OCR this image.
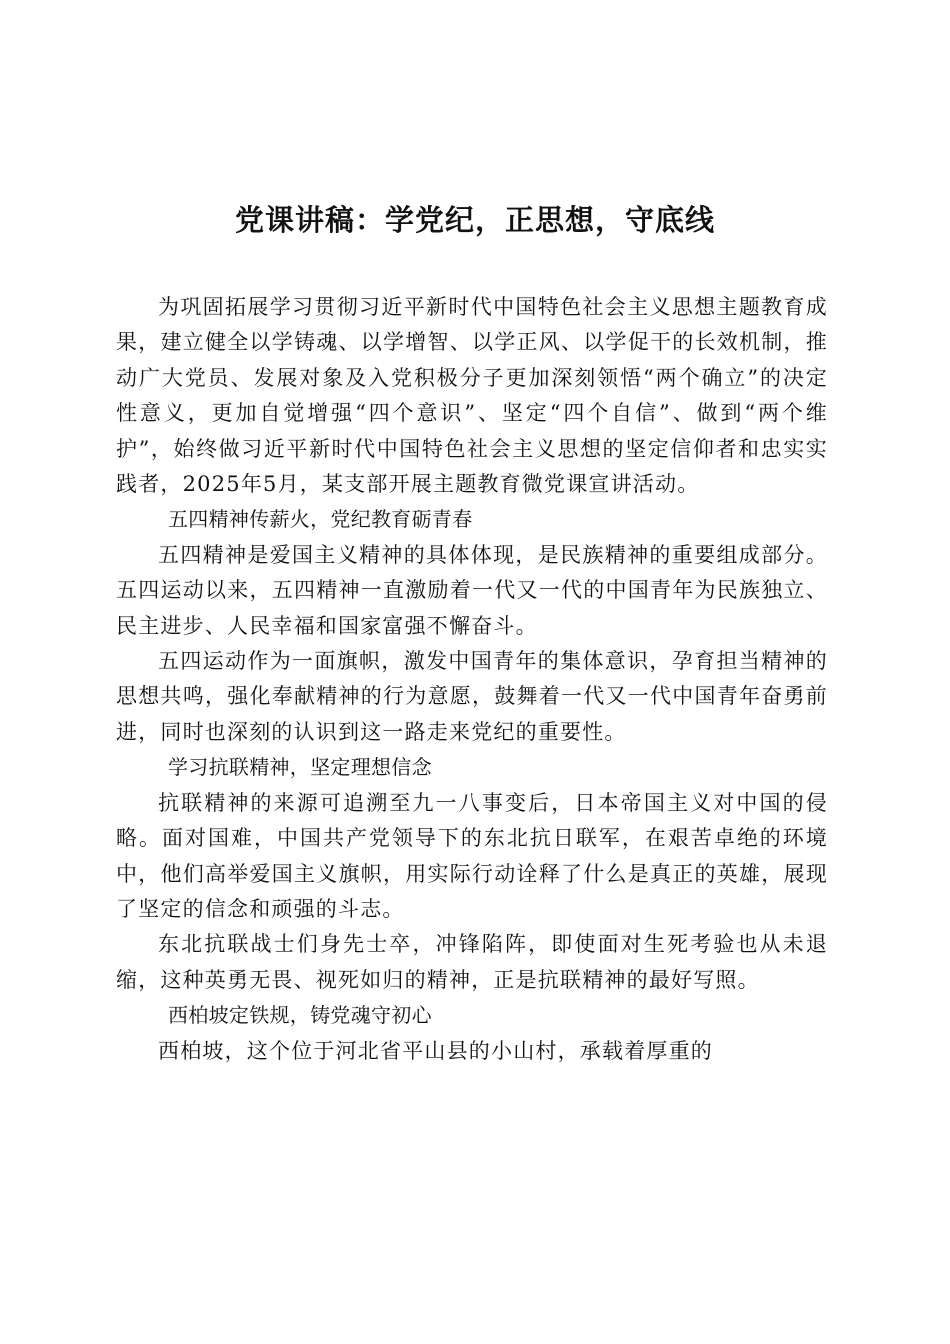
党课讲稿：学党纪，正思想，守底线

为巩固拓展学习贯彻习近平新时代中国特色社会主义思想主题教育成果，建立健全以学铸魂、以学增智、以学正风、以学促干的长效机制，推动广大党员、发展对象及入党积极分子更加深刻领悟“两个确立”的决定性意义，更加自觉增强“四个意识”、坚定“四个自信”、做到“两个维护”，始终做习近平新时代中国特色社会主义思想的坚定信仰者和忠实实践者，2025年5月，某支部开展主题教育微党课宣讲活动。

五四精神传薪火，党纪教育砺青春

五四精神是爱国主义精神的具体体现，是民族精神的重要组成部分。五四运动以来，五四精神一直激励着一代又一代的中国青年为民族独立、民主进步、人民幸福和国家富强不懈奋斗。

五四运动作为一面旗帜，激发中国青年的集体意识，孕育担当精神的思想共鸣，强化奉献精神的行为意愿，鼓舞着一代又一代中国青年奋勇前进，同时也深刻的认识到这一路走来党纪的重要性。

学习抗联精神，坚定理想信念

抗联精神的来源可追溯至九一八事变后，日本帝国主义对中国的侵略。面对国难，中国共产党领导下的东北抗日联军，在艰苦卓绝的环境中，他们高举爱国主义旗帜，用实际行动诠释了什么是真正的英雄，展现了坚定的信念和顽强的斗志。

东北抗联战士们身先士卒，冲锋陷阵，即使面对生死考验也从未退缩，这种英勇无畏、视死如归的精神，正是抗联精神的最好写照。

西柏坡定铁规，铸党魂守初心

西柏坡，这个位于河北省平山县的小山村，承载着厚重的
